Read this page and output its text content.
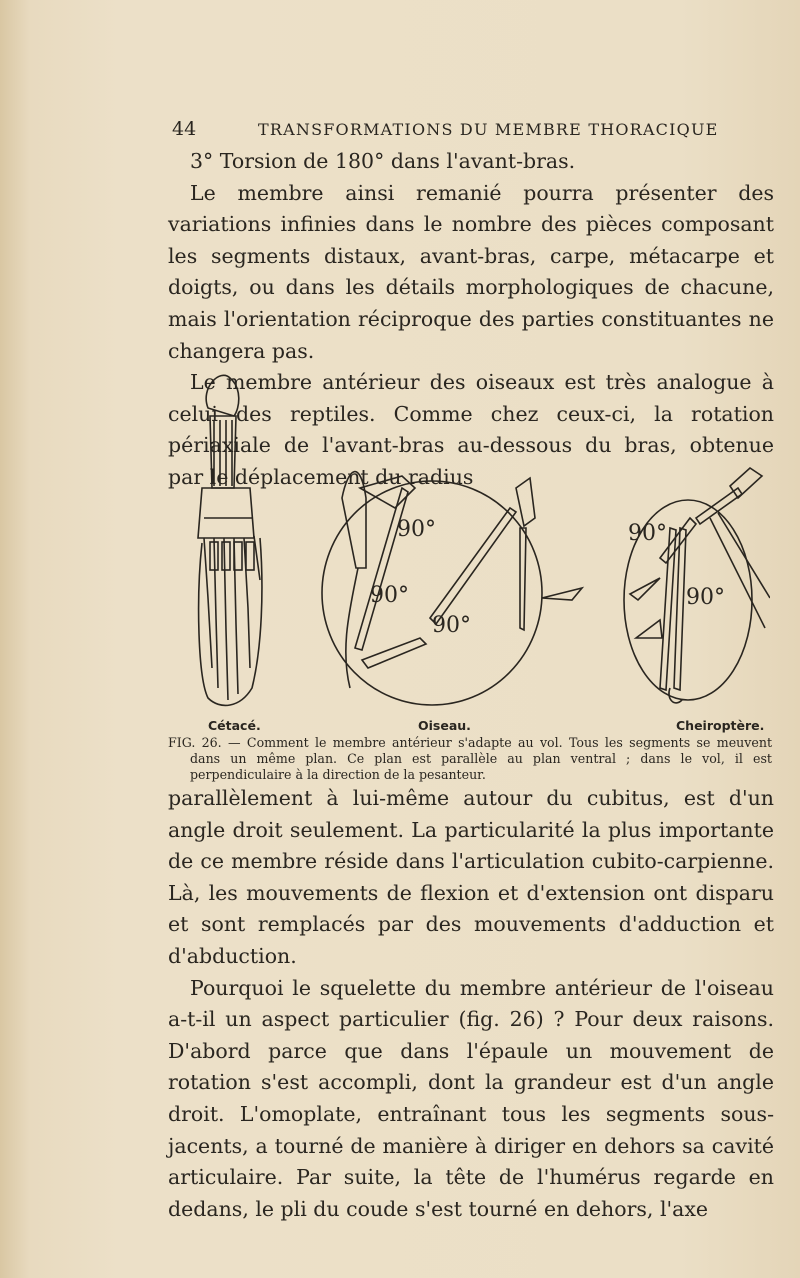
44	TRANSFORMATIONS DU MEMBRE THORACIQUE

3° Torsion de 180° dans l'avant-bras.

Le membre ainsi remanié pourra présenter des variations infinies dans le nombre des pièces composant les segments distaux, avant-bras, carpe, métacarpe et doigts, ou dans les détails morphologiques de chacune, mais l'orientation réciproque des parties constituantes ne changera pas.

Le membre antérieur des oiseaux est très analogue à celui des reptiles. Comme chez ceux-ci, la rotation périaxiale de l'avant-bras au-dessous du bras, obtenue par le déplacement du radius

90°
90°
90°
90°
90°
Cétacé.	Oiseau.	Cheiroptère.

FIG. 26. — Comment le membre antérieur s'adapte au vol. Tous les segments se meuvent dans un même plan. Ce plan est parallèle au plan ventral ; dans le vol, il est perpendiculaire à la direction de la pesanteur.

parallèlement à lui-même autour du cubitus, est d'un angle droit seulement. La particularité la plus importante de ce membre réside dans l'articulation cubito-carpienne. Là, les mouvements de flexion et d'extension ont disparu et sont remplacés par des mouvements d'adduction et d'abduction.

Pourquoi le squelette du membre antérieur de l'oiseau a-t-il un aspect particulier (fig. 26) ? Pour deux raisons. D'abord parce que dans l'épaule un mouvement de rotation s'est accompli, dont la grandeur est d'un angle droit. L'omoplate, entraînant tous les segments sous-jacents, a tourné de manière à diriger en dehors sa cavité articulaire. Par suite, la tête de l'humérus regarde en dedans, le pli du coude s'est tourné en dehors, l'axe
